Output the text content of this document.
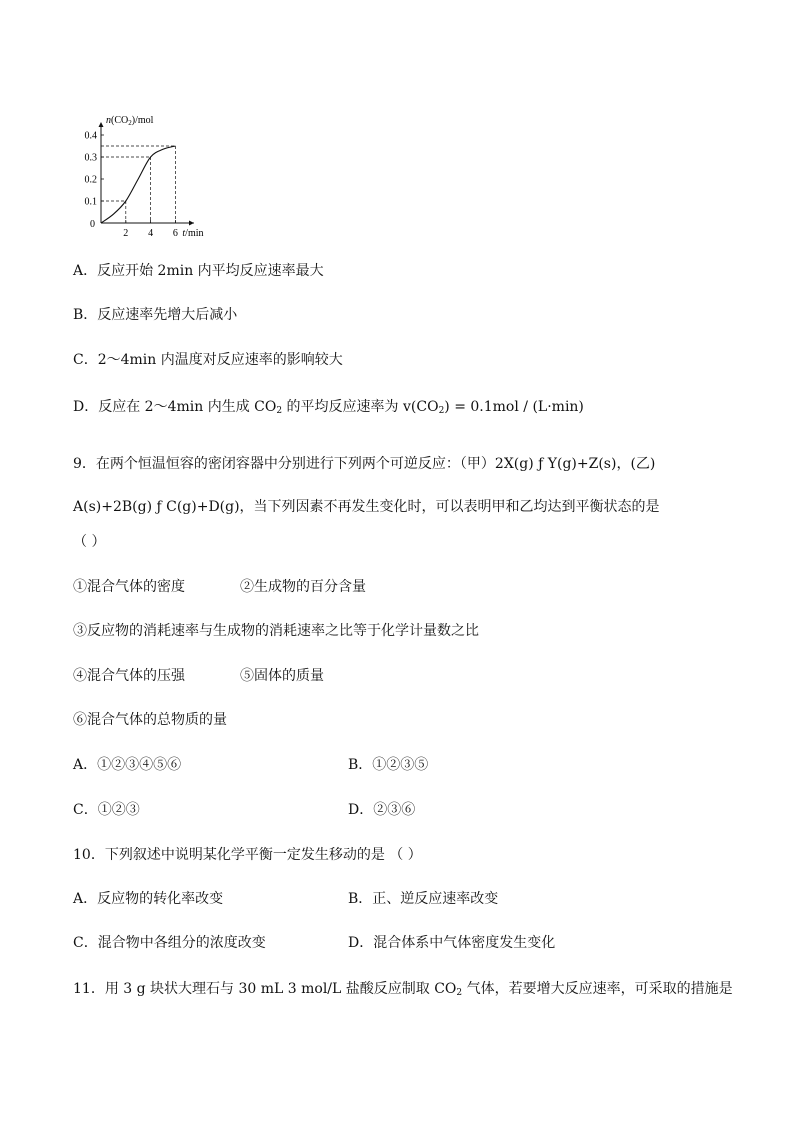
0.4
0.3
0.2
0.1
0
2 4 6 t/min
$n(CO_2)$/mol
A．反应开始 2min 内平均反应速率最大
B．反应速率先增大后减小
C．2～4min 内温度对反应速率的影响较大
D．反应在 2～4min 内生成 $CO_2$ 的平均反应速率为 $v(CO_2) = 0.1mol / (L\cdot\min)$
9．在两个恒温恒容的密闭容器中分别进行下列两个可逆反应：（甲）2X(g) ƒ Y(g)+Z(s)，(乙)
A(s)+2B(g) ƒ C(g)+D(g)，当下列因素不再发生变化时，可以表明甲和乙均达到平衡状态的是
（ ）
①混合气体的密度	②生成物的百分含量
③反应物的消耗速率与生成物的消耗速率之比等于化学计量数之比
④混合气体的压强	⑤固体的质量
⑥混合气体的总物质的量
A．①②③④⑤⑥	B．①②③⑤
C．①②③	D．②③⑥
10．下列叙述中说明某化学平衡一定发生移动的是 （ ）
A．反应物的转化率改变	B．正、逆反应速率改变
C．混合物中各组分的浓度改变	D．混合体系中气体密度发生变化
11．用 3 g 块状大理石与 30 mL 3 mol/L 盐酸反应制取 $CO_2$ 气体，若要增大反应速率，可采取的措施是
